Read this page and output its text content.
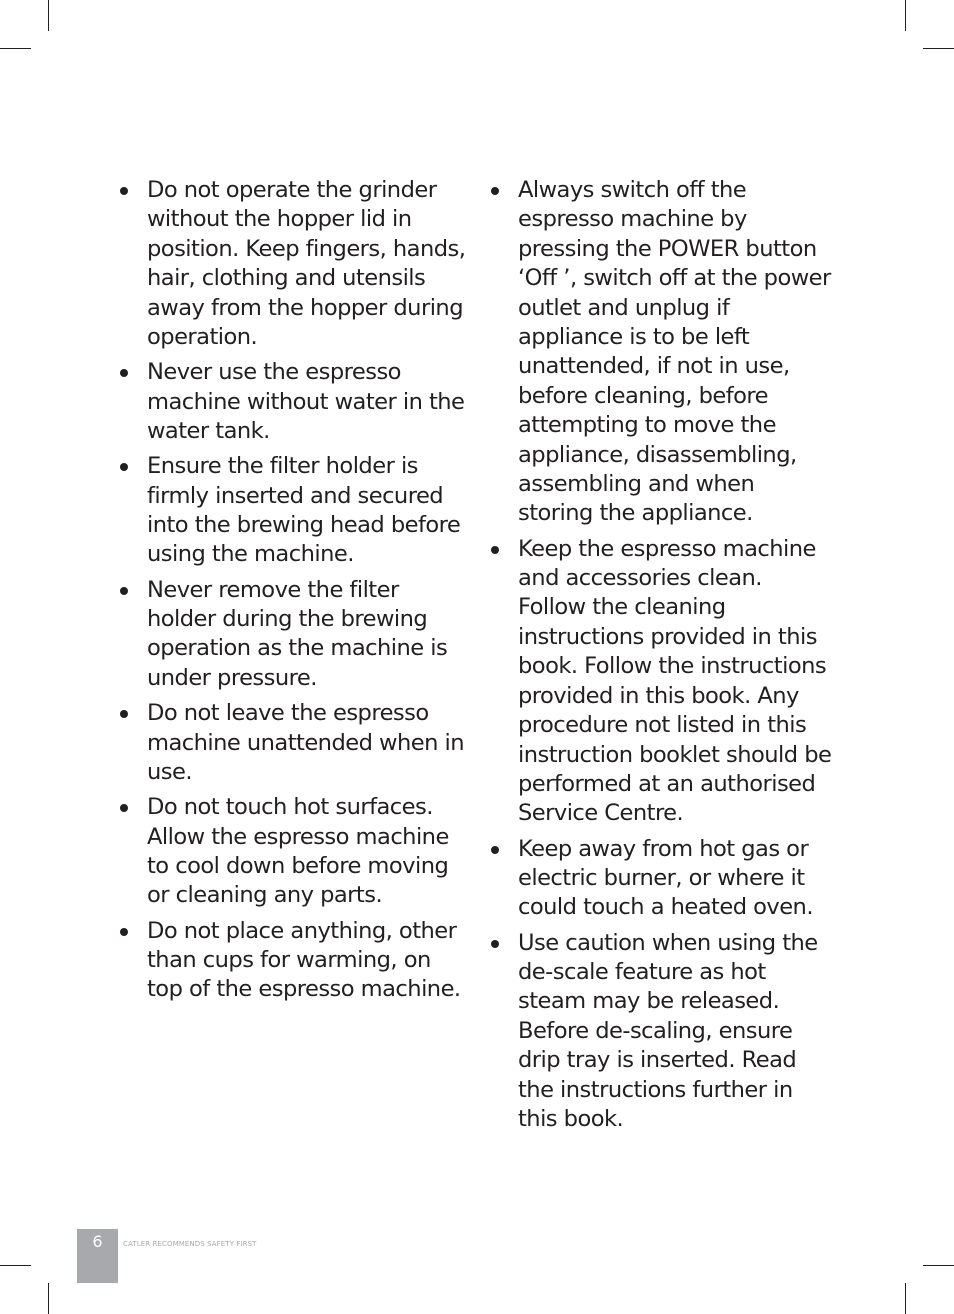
Do not operate the grinder without the hopper lid in position. Keep fingers, hands, hair, clothing and utensils away from the hopper during operation.
Never use the espresso machine without water in the water tank.
Ensure the filter holder is firmly inserted and secured into the brewing head before using the machine.
Never remove the filter holder during the brewing operation as the machine is under pressure.
Do not leave the espresso machine unattended when in use.
Do not touch hot surfaces. Allow the espresso machine to cool down before moving or cleaning any parts.
Do not place anything, other than cups for warming, on top of the espresso machine.
Always switch off the espresso machine by pressing the POWER button ‘Off ’, switch off at the power outlet and unplug if appliance is to be left unattended, if not in use, before cleaning, before attempting to move the appliance, disassembling, assembling and when storing the appliance.
Keep the espresso machine and accessories clean. Follow the cleaning instructions provided in this book. Follow the instructions provided in this book. Any procedure not listed in this instruction booklet should be performed at an authorised Service Centre.
Keep away from hot gas or electric burner, or where it could touch a heated oven.
Use caution when using the de-scale feature as hot steam may be released. Before de-scaling, ensure drip tray is inserted. Read the instructions further in this book.
6	CATLER RECOMMENDS SAFETY FIRST
